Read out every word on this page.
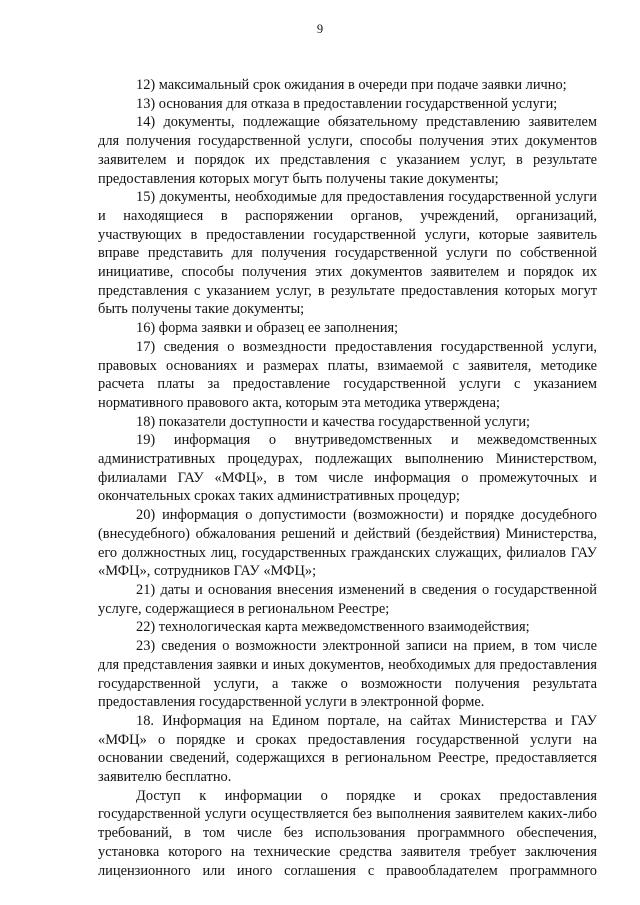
9

12) максимальный срок ожидания в очереди при подаче заявки лично;

13) основания для отказа в предоставлении государственной услуги;

14) документы, подлежащие обязательному представлению заявителем для получения государственной услуги, способы получения этих документов заявителем и порядок их представления с указанием услуг, в результате предоставления которых могут быть получены такие документы;

15) документы, необходимые для предоставления государственной услуги и находящиеся в распоряжении органов, учреждений, организаций, участвующих в предоставлении государственной услуги, которые заявитель вправе представить для получения государственной услуги по собственной инициативе, способы получения этих документов заявителем и порядок их представления с указанием услуг, в результате предоставления которых могут быть получены такие документы;

16) форма заявки и образец ее заполнения;

17) сведения о возмездности предоставления государственной услуги, правовых основаниях и размерах платы, взимаемой с заявителя, методике расчета платы за предоставление государственной услуги с указанием нормативного правового акта, которым эта методика утверждена;

18) показатели доступности и качества государственной услуги;

19) информация о внутриведомственных и межведомственных административных процедурах, подлежащих выполнению Министерством, филиалами ГАУ «МФЦ», в том числе информация о промежуточных и окончательных сроках таких административных процедур;

20) информация о допустимости (возможности) и порядке досудебного (внесудебного) обжалования решений и действий (бездействия) Министерства, его должностных лиц, государственных гражданских служащих, филиалов ГАУ «МФЦ», сотрудников ГАУ «МФЦ»;

21) даты и основания внесения изменений в сведения о государственной услуге, содержащиеся в региональном Реестре;

22) технологическая карта межведомственного взаимодействия;

23) сведения о возможности электронной записи на прием, в том числе для представления заявки и иных документов, необходимых для предоставления государственной услуги, а также о возможности получения результата предоставления государственной услуги в электронной форме.

18. Информация на Едином портале, на сайтах Министерства и ГАУ «МФЦ» о порядке и сроках предоставления государственной услуги на основании сведений, содержащихся в региональном Реестре, предоставляется заявителю бесплатно.

Доступ к информации о порядке и сроках предоставления государственной услуги осуществляется без выполнения заявителем каких-либо требований, в том числе без использования программного обеспечения, установка которого на технические средства заявителя требует заключения лицензионного или иного соглашения с правообладателем программного
